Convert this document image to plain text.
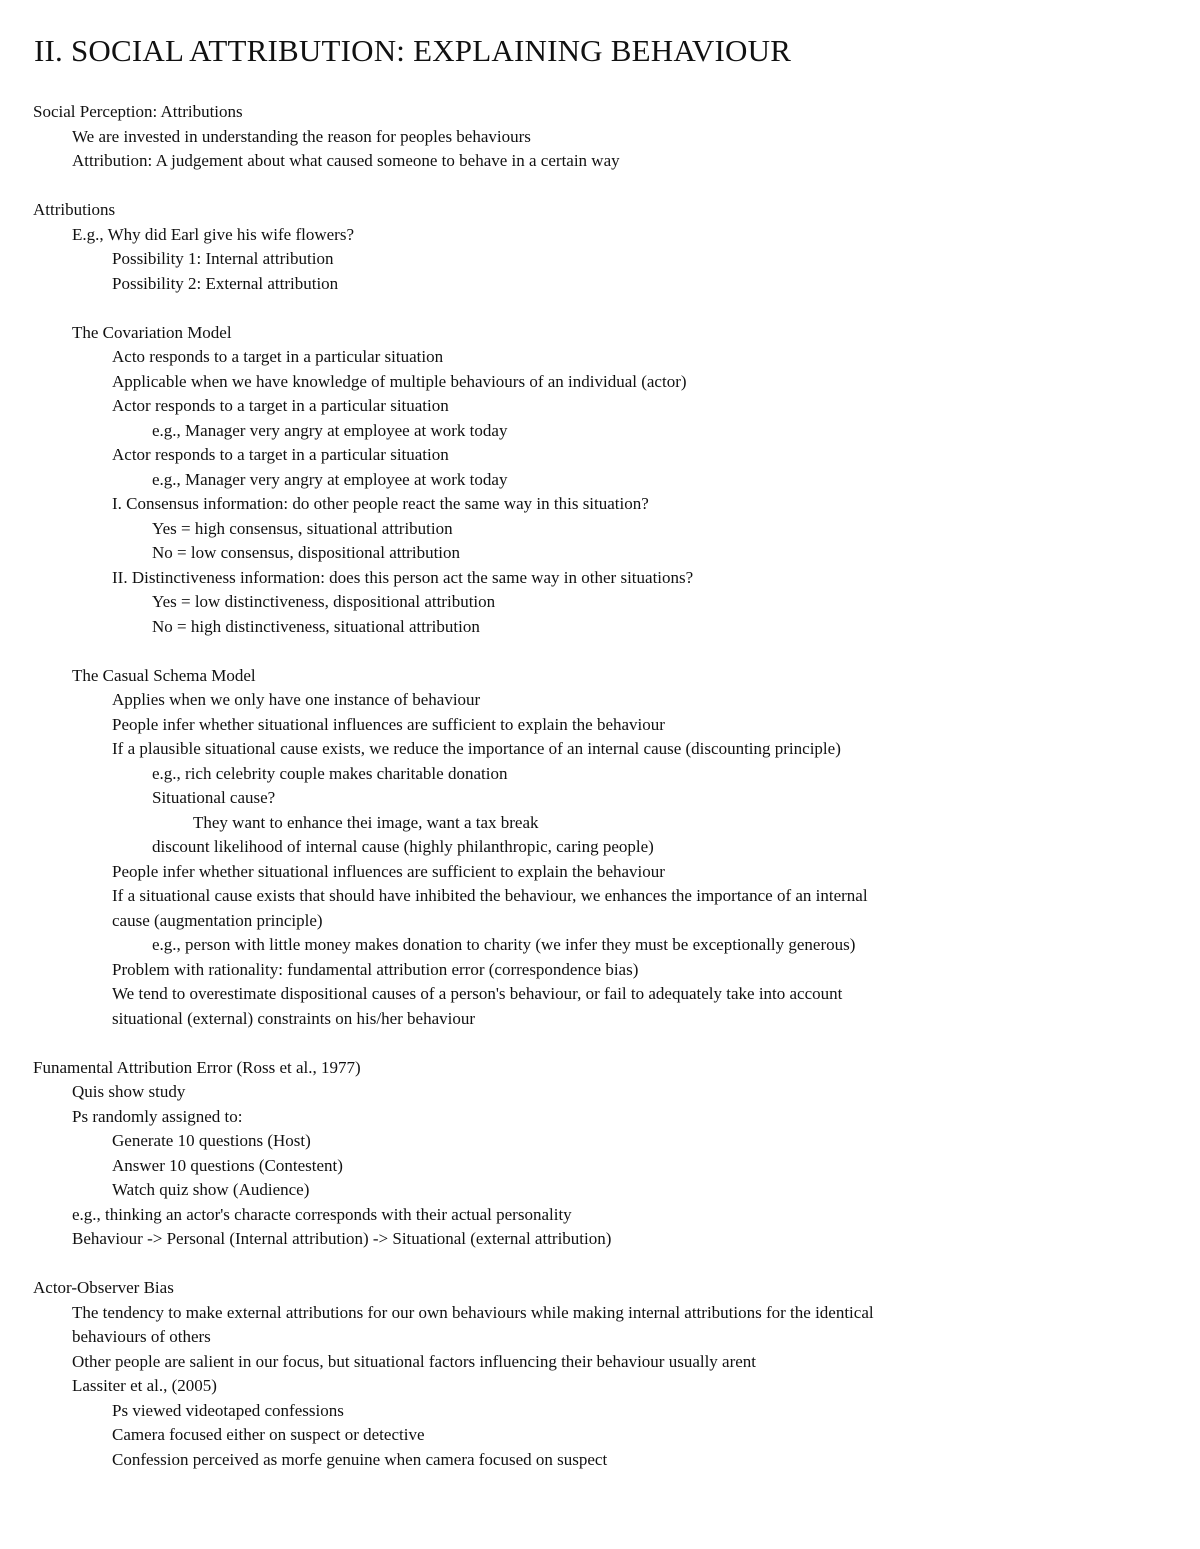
II. SOCIAL ATTRIBUTION: EXPLAINING BEHAVIOUR
Social Perception: Attributions
We are invested in understanding the reason for peoples behaviours
Attribution: A judgement about what caused someone to behave in a certain way
Attributions
E.g., Why did Earl give his wife flowers?
Possibility 1: Internal attribution
Possibility 2: External attribution
The Covariation Model
Acto responds to a target in a particular situation
Applicable when we have knowledge of multiple behaviours of an individual (actor)
Actor responds to a target in a particular situation
e.g., Manager very angry at employee at work today
Actor responds to a target in a particular situation
e.g., Manager very angry at employee at work today
I. Consensus information: do other people react the same way in this situation?
Yes = high consensus, situational attribution
No = low consensus, dispositional attribution
II. Distinctiveness information: does this person act the same way in other situations?
Yes = low distinctiveness, dispositional attribution
No = high distinctiveness, situational attribution
The Casual Schema Model
Applies when we only have one instance of behaviour
People infer whether situational influences are sufficient to explain the behaviour
If a plausible situational cause exists, we reduce the importance of an internal cause (discounting principle)
e.g., rich celebrity couple makes charitable donation
Situational cause?
They want to enhance thei image, want a tax break
discount likelihood of internal cause (highly philanthropic, caring people)
People infer whether situational influences are sufficient to explain the behaviour
If a situational cause exists that should have inhibited the behaviour, we enhances the importance of an internal
cause (augmentation principle)
e.g., person with little money makes donation to charity (we infer they must be exceptionally generous)
Problem with rationality: fundamental attribution error (correspondence bias)
We tend to overestimate dispositional causes of a person's behaviour, or fail to adequately take into account
situational (external) constraints on his/her behaviour
Funamental Attribution Error (Ross et al., 1977)
Quis show study
Ps randomly assigned to:
Generate 10 questions (Host)
Answer 10 questions (Contestent)
Watch quiz show (Audience)
e.g., thinking an actor's characte corresponds with their actual personality
Behaviour -> Personal (Internal attribution) -> Situational (external attribution)
Actor-Observer Bias
The tendency to make external attributions for our own behaviours while making internal attributions for the identical
behaviours of others
Other people are salient in our focus, but situational factors influencing their behaviour usually arent
Lassiter et al., (2005)
Ps viewed videotaped confessions
Camera focused either on suspect or detective
Confession perceived as morfe genuine when camera focused on suspect
